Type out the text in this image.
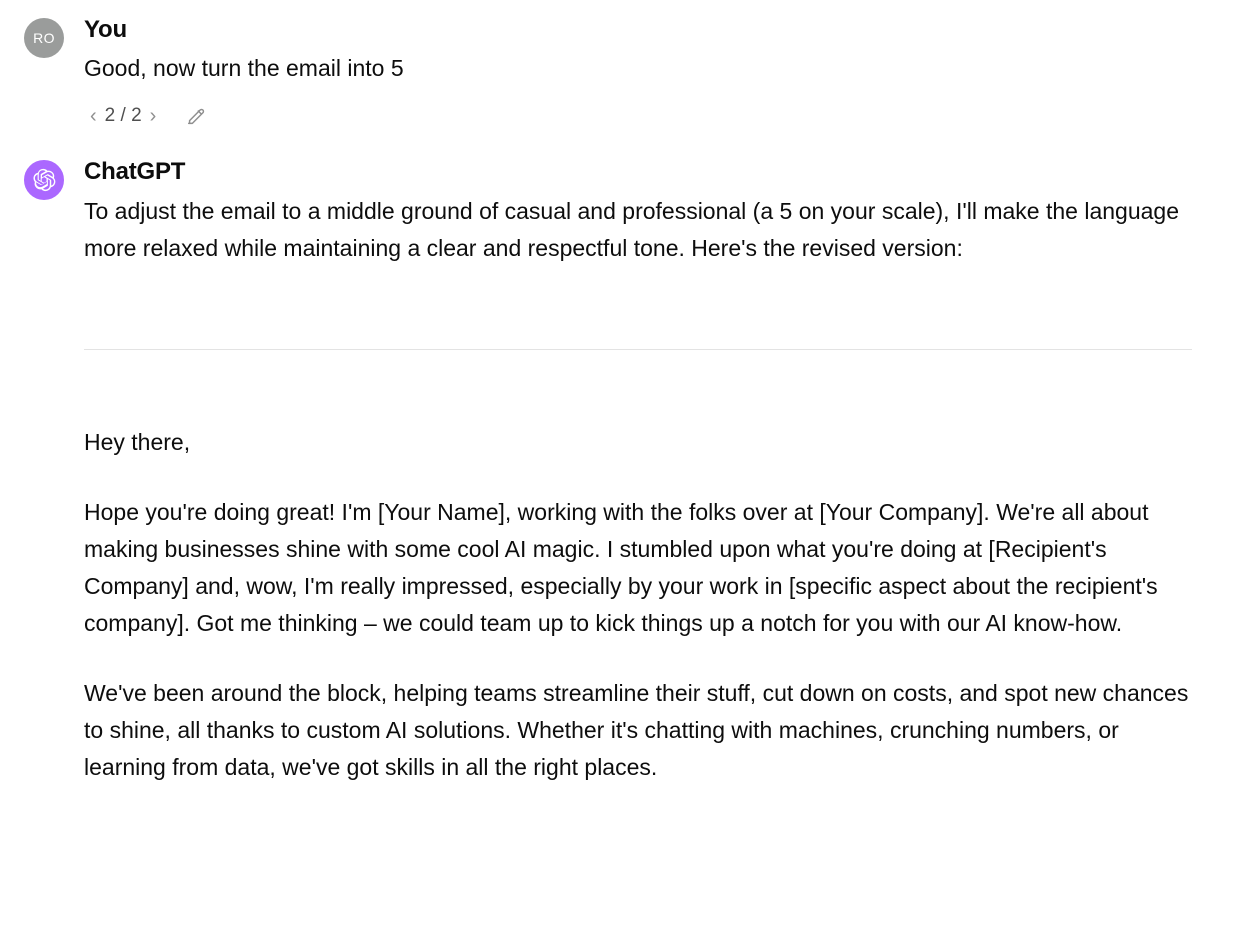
RO You

Good, now turn the email into 5

‹ 2 / 2 ›
ChatGPT

To adjust the email to a middle ground of casual and professional (a 5 on your scale), I'll make the language more relaxed while maintaining a clear and respectful tone. Here's the revised version:

Hey there,

Hope you're doing great! I'm [Your Name], working with the folks over at [Your Company]. We're all about making businesses shine with some cool AI magic. I stumbled upon what you're doing at [Recipient's Company] and, wow, I'm really impressed, especially by your work in [specific aspect about the recipient's company]. Got me thinking – we could team up to kick things up a notch for you with our AI know-how.

We've been around the block, helping teams streamline their stuff, cut down on costs, and spot new chances to shine, all thanks to custom AI solutions. Whether it's chatting with machines, crunching numbers, or learning from data, we've got skills in all the right places.
